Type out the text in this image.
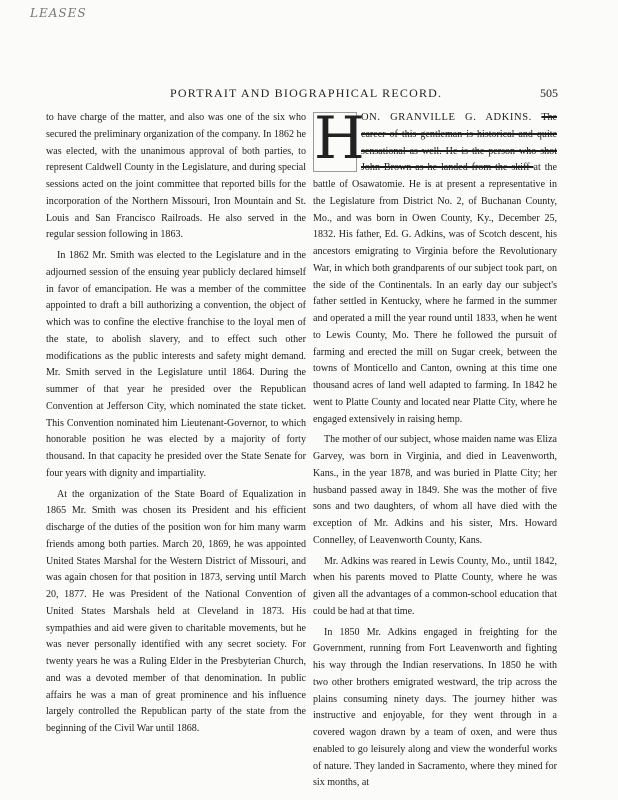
LEASES
PORTRAIT AND BIOGRAPHICAL RECORD.	505

to have charge of the matter, and also was one of the six who secured the preliminary organization of the company. In 1862 he was elected, with the unanimous approval of both parties, to represent Caldwell County in the Legislature, and during special sessions acted on the joint committee that reported bills for the incorporation of the Northern Missouri, Iron Mountain and St. Louis and San Francisco Railroads. He also served in the regular session following in 1863.

In 1862 Mr. Smith was elected to the Legislature and in the adjourned session of the ensuing year publicly declared himself in favor of emancipation. He was a member of the committee appointed to draft a bill authorizing a convention, the object of which was to confine the elective franchise to the loyal men of the state, to abolish slavery, and to effect such other modifications as the public interests and safety might demand. Mr. Smith served in the Legislature until 1864. During the summer of that year he presided over the Republican Convention at Jefferson City, which nominated the state ticket. This Convention nominated him Lieutenant-Governor, to which honorable position he was elected by a majority of forty thousand. In that capacity he presided over the State Senate for four years with dignity and impartiality.

At the organization of the State Board of Equalization in 1865 Mr. Smith was chosen its President and his efficient discharge of the duties of the position won for him many warm friends among both parties. March 20, 1869, he was appointed United States Marshal for the Western District of Missouri, and was again chosen for that position in 1873, serving until March 20, 1877. He was President of the National Convention of United States Marshals held at Cleveland in 1873. His sympathies and aid were given to charitable movements, but he was never personally identified with any secret society. For twenty years he was a Ruling Elder in the Presbyterian Church, and was a devoted member of that denomination. In public affairs he was a man of great prominence and his influence largely controlled the Republican party of the state from the beginning of the Civil War until 1868.

H
ON. GRANVILLE G. ADKINS. The career of this gentleman is historical and quite sensational as well. He is the person who shot John Brown as he landed from the skiff at the battle of Osawatomie. He is at present a representative in the Legislature from District No. 2, of Buchanan County, Mo., and was born in Owen County, Ky., December 25, 1832. His father, Ed. G. Adkins, was of Scotch descent, his ancestors emigrating to Virginia before the Revolutionary War, in which both grandparents of our subject took part, on the side of the Continentals. In an early day our subject's father settled in Kentucky, where he farmed in the summer and operated a mill the year round until 1833, when he went to Lewis County, Mo. There he followed the pursuit of farming and erected the mill on Sugar creek, between the towns of Monticello and Canton, owning at this time one thousand acres of land well adapted to farming. In 1842 he went to Platte County and located near Platte City, where he engaged extensively in raising hemp.

The mother of our subject, whose maiden name was Eliza Garvey, was born in Virginia, and died in Leavenworth, Kans., in the year 1878, and was buried in Platte City; her husband passed away in 1849. She was the mother of five sons and two daughters, of whom all have died with the exception of Mr. Adkins and his sister, Mrs. Howard Connelley, of Leavenworth County, Kans.

Mr. Adkins was reared in Lewis County, Mo., until 1842, when his parents moved to Platte County, where he was given all the advantages of a common-school education that could be had at that time.

In 1850 Mr. Adkins engaged in freighting for the Government, running from Fort Leavenworth and fighting his way through the Indian reservations. In 1850 he with two other brothers emigrated westward, the trip across the plains consuming ninety days. The journey hither was instructive and enjoyable, for they went through in a covered wagon drawn by a team of oxen, and were thus enabled to go leisurely along and view the wonderful works of nature. They landed in Sacramento, where they mined for six months, at
